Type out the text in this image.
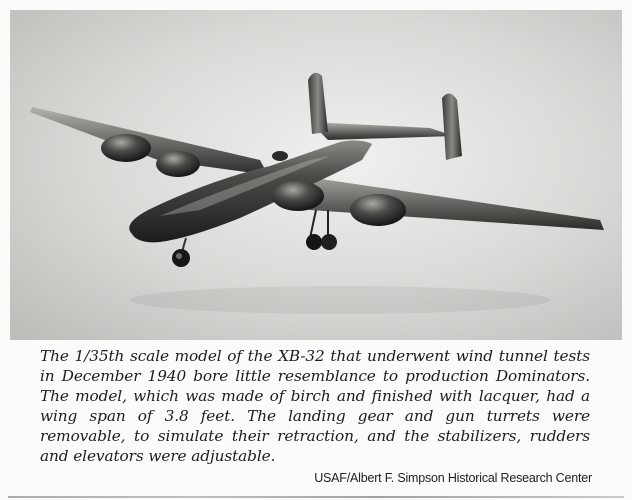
The 1/35th scale model of the XB-32 that underwent wind tunnel tests in December 1940 bore little resemblance to production Dominators. The model, which was made of birch and finished with lacquer, had a wing span of 3.8 feet. The landing gear and gun turrets were removable, to simulate their retraction, and the stabilizers, rudders and elevators were adjustable.

USAF/Albert F. Simpson Historical Research Center
